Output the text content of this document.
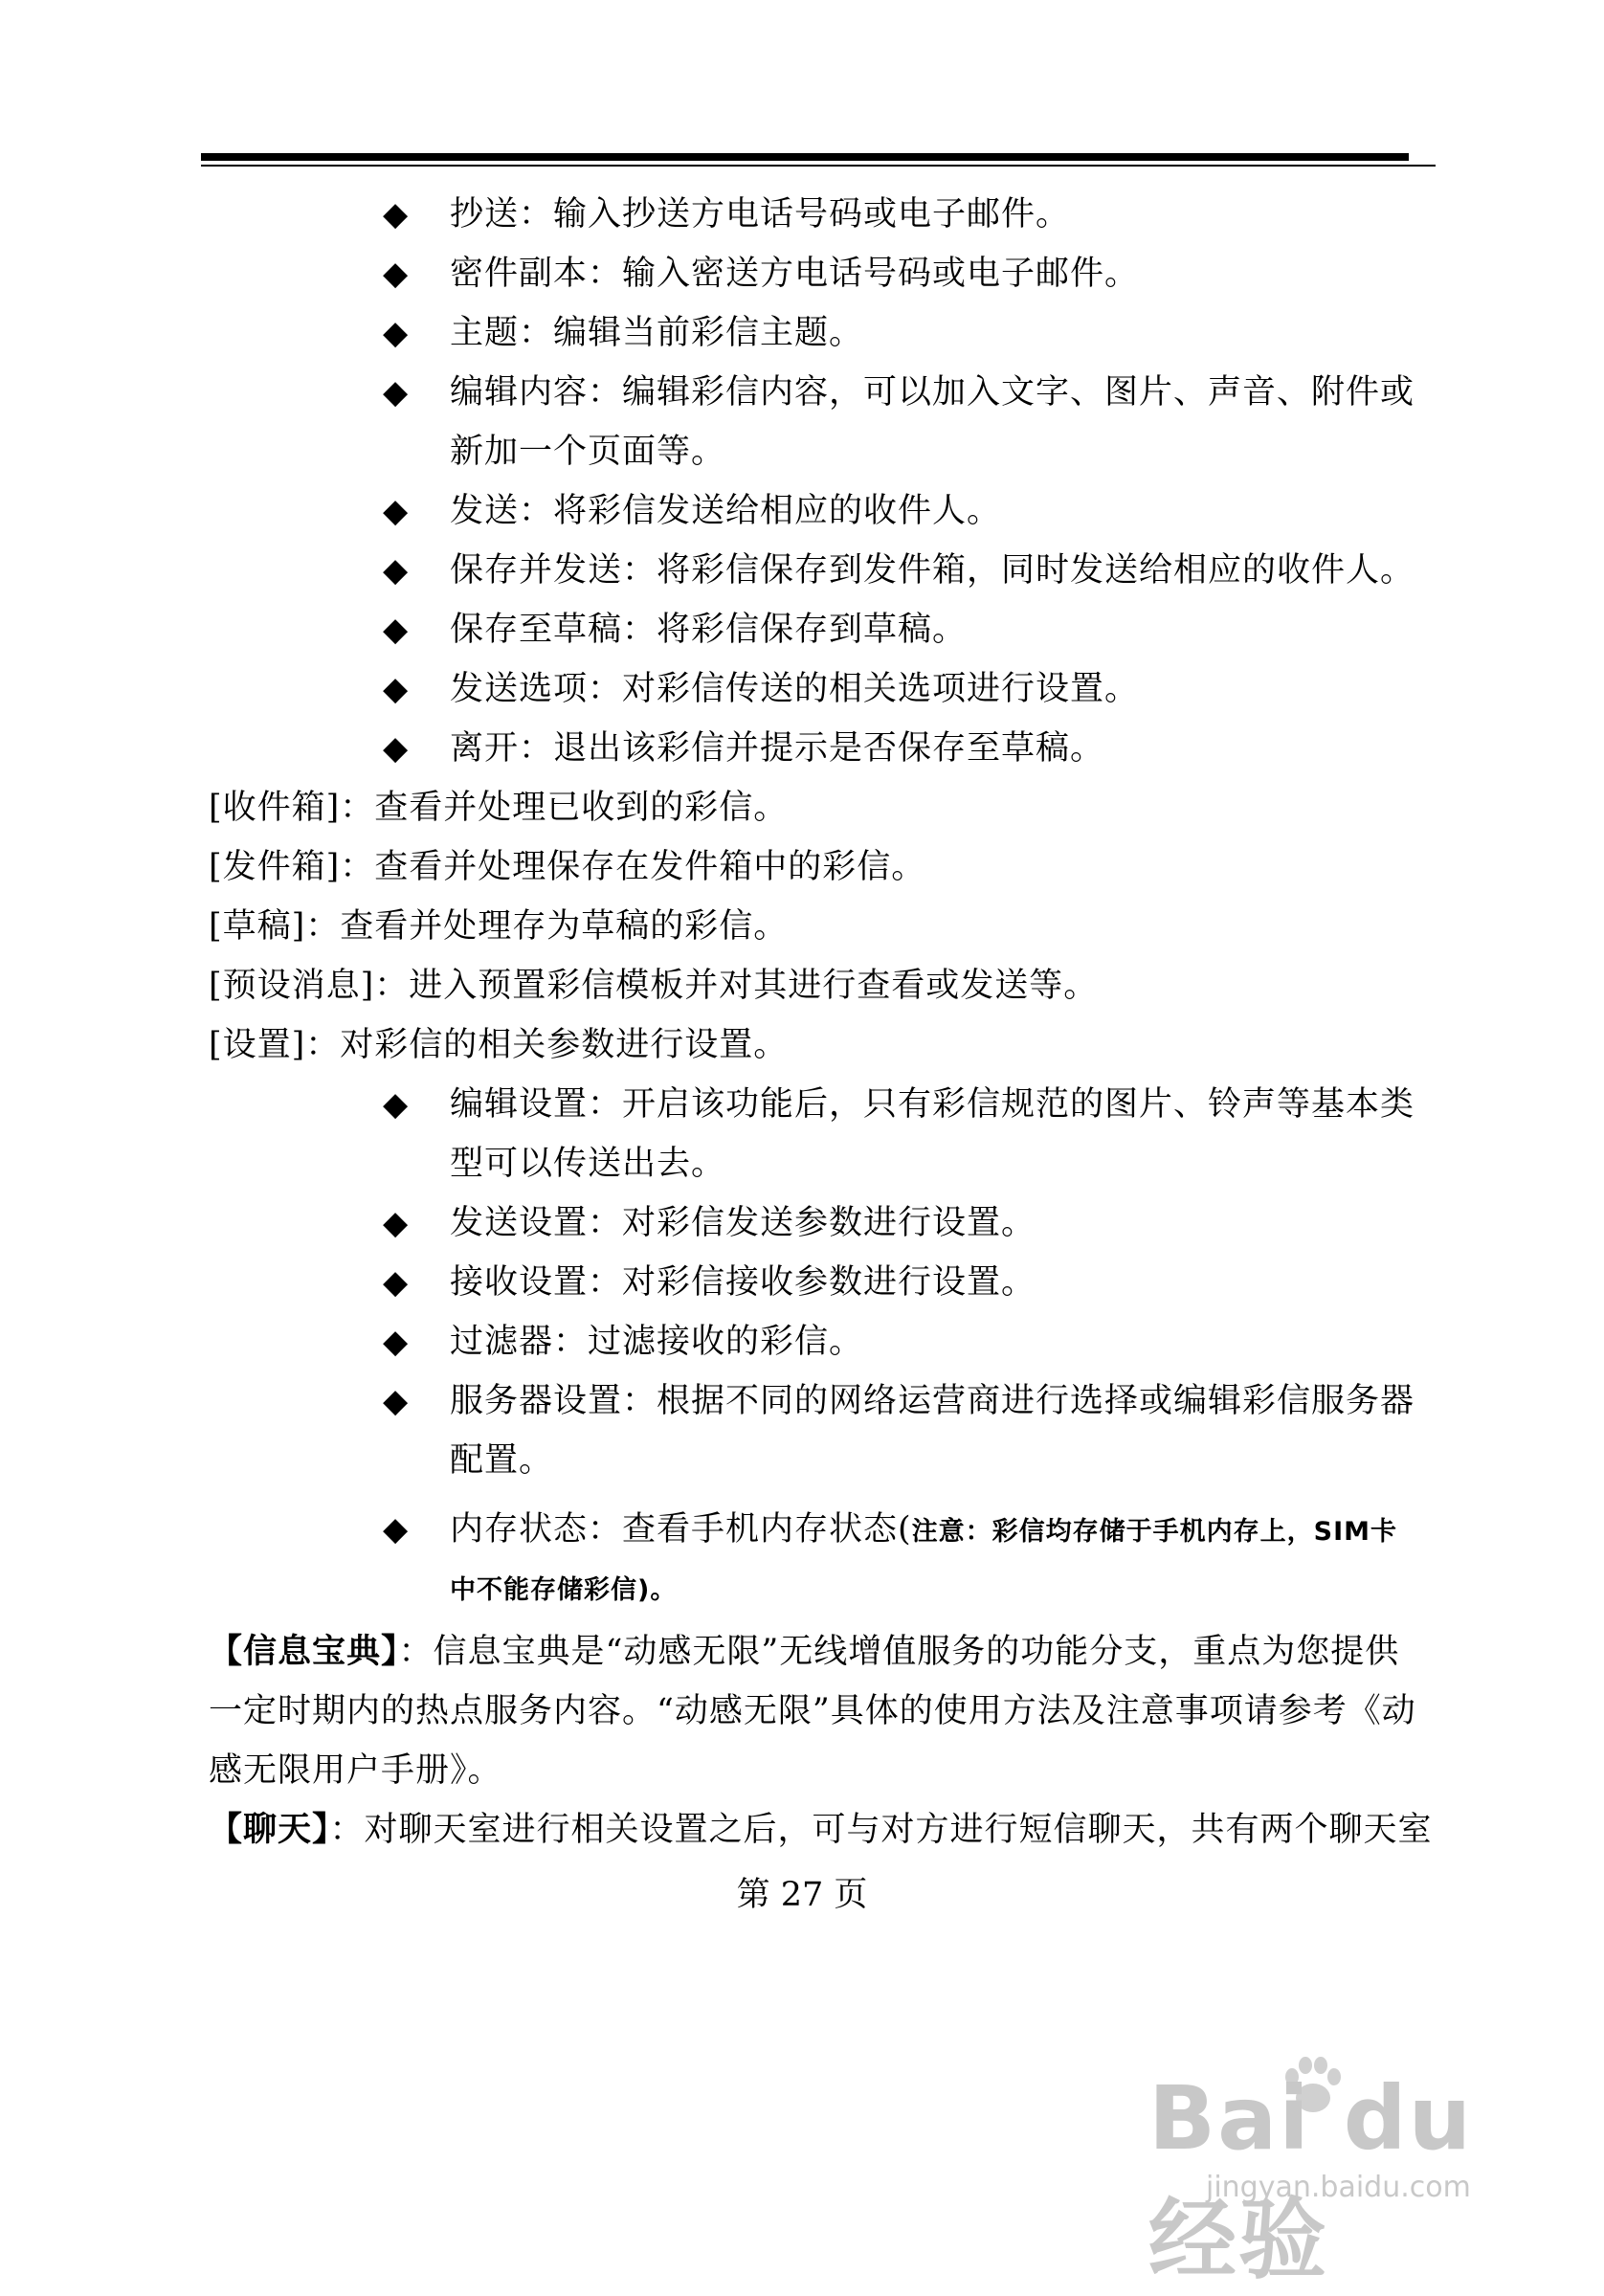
◆ 抄送：输入抄送方电话号码或电子邮件。
◆ 密件副本：输入密送方电话号码或电子邮件。
◆ 主题：编辑当前彩信主题。
◆ 编辑内容：编辑彩信内容，可以加入文字、图片、声音、附件或
新加一个页面等。
◆ 发送：将彩信发送给相应的收件人。
◆ 保存并发送：将彩信保存到发件箱，同时发送给相应的收件人。
◆ 保存至草稿：将彩信保存到草稿。
◆ 发送选项：对彩信传送的相关选项进行设置。
◆ 离开：退出该彩信并提示是否保存至草稿。
[收件箱]：查看并处理已收到的彩信。
[发件箱]：查看并处理保存在发件箱中的彩信。
[草稿]：查看并处理存为草稿的彩信。
[预设消息]：进入预置彩信模板并对其进行查看或发送等。
[设置]：对彩信的相关参数进行设置。
◆ 编辑设置：开启该功能后，只有彩信规范的图片、铃声等基本类
型可以传送出去。
◆ 发送设置：对彩信发送参数进行设置。
◆ 接收设置：对彩信接收参数进行设置。
◆ 过滤器：过滤接收的彩信。
◆ 服务器设置：根据不同的网络运营商进行选择或编辑彩信服务器
配置。
◆ 内存状态：查看手机内存状态(注意：彩信均存储于手机内存上，SIM卡
中不能存储彩信)。
【信息宝典】：信息宝典是“动感无限”无线增值服务的功能分支，重点为您提供
一定时期内的热点服务内容。“动感无限”具体的使用方法及注意事项请参考《动
感无限用户手册》。
【聊天】：对聊天室进行相关设置之后，可与对方进行短信聊天，共有两个聊天室
第 27 页
Bai du 经验
jingyan.baidu.com
